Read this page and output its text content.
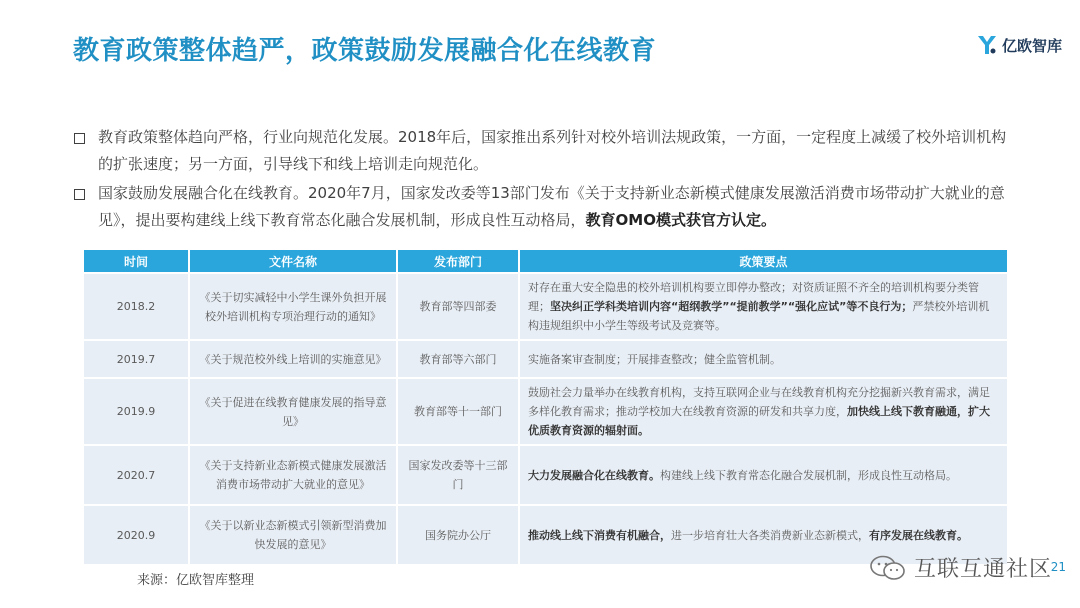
教育政策整体趋严，政策鼓励发展融合化在线教育	亿欧智库
教育政策整体趋向严格，行业向规范化发展。2018年后，国家推出系列针对校外培训法规政策，一方面，一定程度上减缓了校外培训机构的扩张速度；另一方面，引导线下和线上培训走向规范化。
国家鼓励发展融合化在线教育。2020年7月，国家发改委等13部门发布《关于支持新业态新模式健康发展激活消费市场带动扩大就业的意见》，提出要构建线上线下教育常态化融合发展机制，形成良性互动格局，教育OMO模式获官方认定。
时间	文件名称	发布部门	政策要点
2018.2	《关于切实减轻中小学生课外负担开展校外培训机构专项治理行动的通知》	教育部等四部委	对存在重大安全隐患的校外培训机构要立即停办整改；对资质证照不齐全的培训机构要分类管理；坚决纠正学科类培训内容“超纲教学”“提前教学”“强化应试”等不良行为；严禁校外培训机构违规组织中小学生等级考试及竞赛等。
2019.7	《关于规范校外线上培训的实施意见》	教育部等六部门	实施备案审查制度；开展排查整改；健全监管机制。
2019.9	《关于促进在线教育健康发展的指导意见》	教育部等十一部门	鼓励社会力量举办在线教育机构，支持互联网企业与在线教育机构充分挖掘新兴教育需求，满足多样化教育需求；推动学校加大在线教育资源的研发和共享力度，加快线上线下教育融通，扩大优质教育资源的辐射面。
2020.7	《关于支持新业态新模式健康发展激活消费市场带动扩大就业的意见》	国家发改委等十三部门	大力发展融合化在线教育。构建线上线下教育常态化融合发展机制，形成良性互动格局。
2020.9	《关于以新业态新模式引领新型消费加快发展的意见》	国务院办公厅	推动线上线下消费有机融合，进一步培育壮大各类消费新业态新模式，有序发展在线教育。
来源：亿欧智库整理	互联互通社区
21
